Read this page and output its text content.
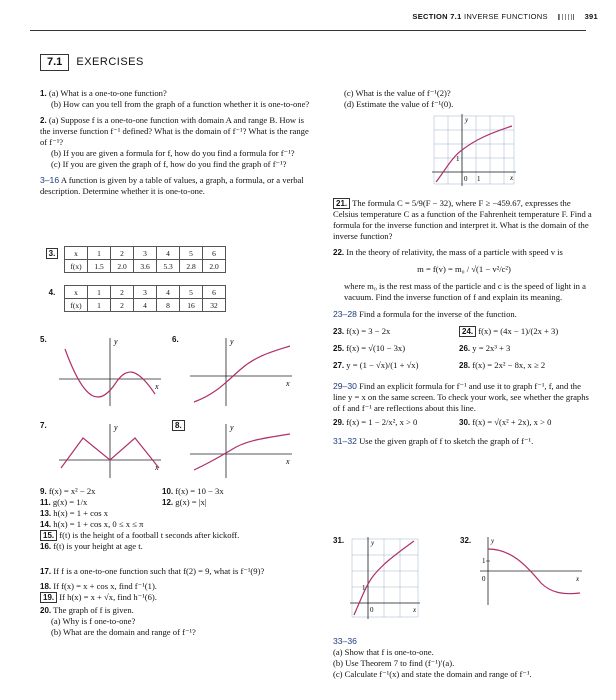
SECTION 7.1 INVERSE FUNCTIONS	391
7.1 EXERCISES

1. (a) What is a one-to-one function?

(b) How can you tell from the graph of a function whether it is one-to-one?

2. (a) Suppose f is a one-to-one function with domain A and range B. How is the inverse function f⁻¹ defined? What is the domain of f⁻¹? What is the range of f⁻¹?

(b) If you are given a formula for f, how do you find a formula for f⁻¹?

(c) If you are given the graph of f, how do you find the graph of f⁻¹?

3–16 A function is given by a table of values, a graph, a formula, or a verbal description. Determine whether it is one-to-one.

3.	x	1	2	3	4	5	6
	f(x)	1.5	2.0	3.6	5.3	2.8	2.0
4.	x	1	2	3	4	5	6
	f(x)	1	2	4	8	16	32
5.	y
x
6.	y
x
7.	y
x
8.	y
x

9. f(x) = x² − 2x	10. f(x) = 10 − 3x

11. g(x) = 1/x	12. g(x) = |x|

13. h(x) = 1 + cos x

14. h(x) = 1 + cos x, 0 ≤ x ≤ π

15. f(t) is the height of a football t seconds after kickoff.

16. f(t) is your height at age t.

17. If f is a one-to-one function such that f(2) = 9, what is f⁻¹(9)?

18. If f(x) = x + cos x, find f⁻¹(1).

19. If h(x) = x + √x, find h⁻¹(6).

20. The graph of f is given.

(a) Why is f one-to-one?

(b) What are the domain and range of f⁻¹?

(c) What is the value of f⁻¹(2)?

(d) Estimate the value of f⁻¹(0).

y
x
0 1
1

21. The formula C = 5/9(F − 32), where F ≥ −459.67, expresses the Celsius temperature C as a function of the Fahrenheit temperature F. Find a formula for the inverse function and interpret it. What is the domain of the inverse function?

22. In the theory of relativity, the mass of a particle with speed v is

m = f(v) = m₀ / √(1 − v²/c²)

where m₀ is the rest mass of the particle and c is the speed of light in a vacuum. Find the inverse function of f and explain its meaning.

23–28 Find a formula for the inverse of the function.

23. f(x) = 3 − 2x	24. f(x) = (4x − 1)/(2x + 3)

25. f(x) = √(10 − 3x)	26. y = 2x³ + 3

27. y = (1 − √x)/(1 + √x)	28. f(x) = 2x² − 8x, x ≥ 2

29–30 Find an explicit formula for f⁻¹ and use it to graph f⁻¹, f, and the line y = x on the same screen. To check your work, see whether the graphs of f and f⁻¹ are reflections about this line.

29. f(x) = 1 − 2/x², x > 0	30. f(x) = √(x² + 2x), x > 0

31–32 Use the given graph of f to sketch the graph of f⁻¹.

31.	y
x
0
1
32.	y
x
0
1

33–36

(a) Show that f is one-to-one.

(b) Use Theorem 7 to find (f⁻¹)′(a).

(c) Calculate f⁻¹(x) and state the domain and range of f⁻¹.
